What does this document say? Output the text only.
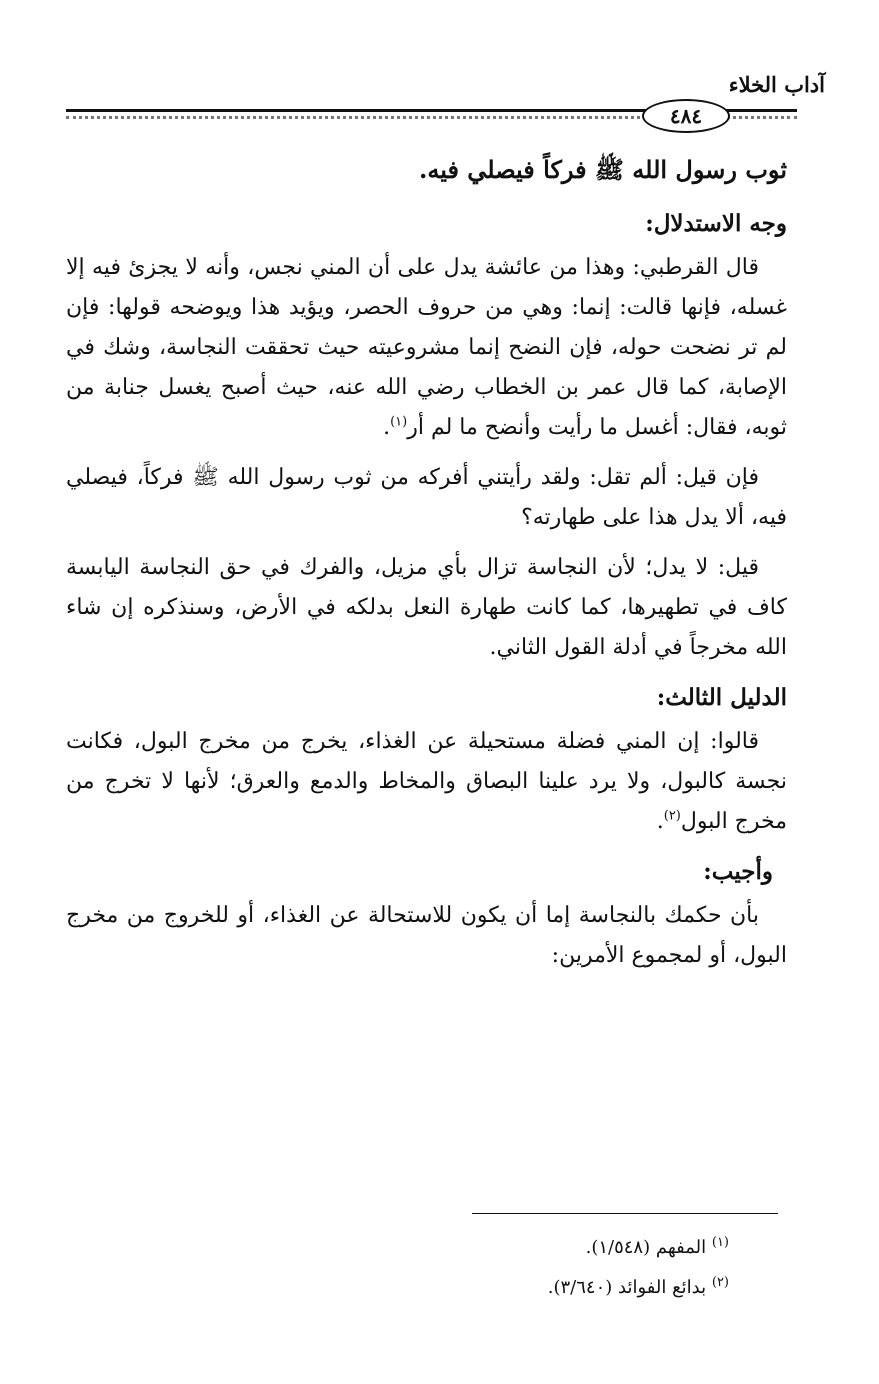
آداب الخلاء
٤٨٤

ثوب رسول الله ﷺ فركاً فيصلي فيه.

وجه الاستدلال:

قال القرطبي: وهذا من عائشة يدل على أن المني نجس، وأنه لا يجزئ فيه إلا غسله، فإنها قالت: إنما: وهي من حروف الحصر، ويؤيد هذا ويوضحه قولها: فإن لم تر نضحت حوله، فإن النضح إنما مشروعيته حيث تحققت النجاسة، وشك في الإصابة، كما قال عمر بن الخطاب رضي الله عنه، حيث أصبح يغسل جنابة من ثوبه، فقال: أغسل ما رأيت وأنضح ما لم أر$^{(١)}$.

فإن قيل: ألم تقل: ولقد رأيتني أفركه من ثوب رسول الله ﷺ فركاً، فيصلي فيه، ألا يدل هذا على طهارته؟

قيل: لا يدل؛ لأن النجاسة تزال بأي مزيل، والفرك في حق النجاسة اليابسة كاف في تطهيرها، كما كانت طهارة النعل بدلكه في الأرض، وسنذكره إن شاء الله مخرجاً في أدلة القول الثاني.

الدليل الثالث:

قالوا: إن المني فضلة مستحيلة عن الغذاء، يخرج من مخرج البول، فكانت نجسة كالبول، ولا يرد علينا البصاق والمخاط والدمع والعرق؛ لأنها لا تخرج من مخرج البول$^{(٢)}$.

وأجيب:

بأن حكمك بالنجاسة إما أن يكون للاستحالة عن الغذاء، أو للخروج من مخرج البول، أو لمجموع الأمرين:

$^{(١)}$ المفهم (١/٥٤٨).
$^{(٢)}$ بدائع الفوائد (٣/٦٤٠).
